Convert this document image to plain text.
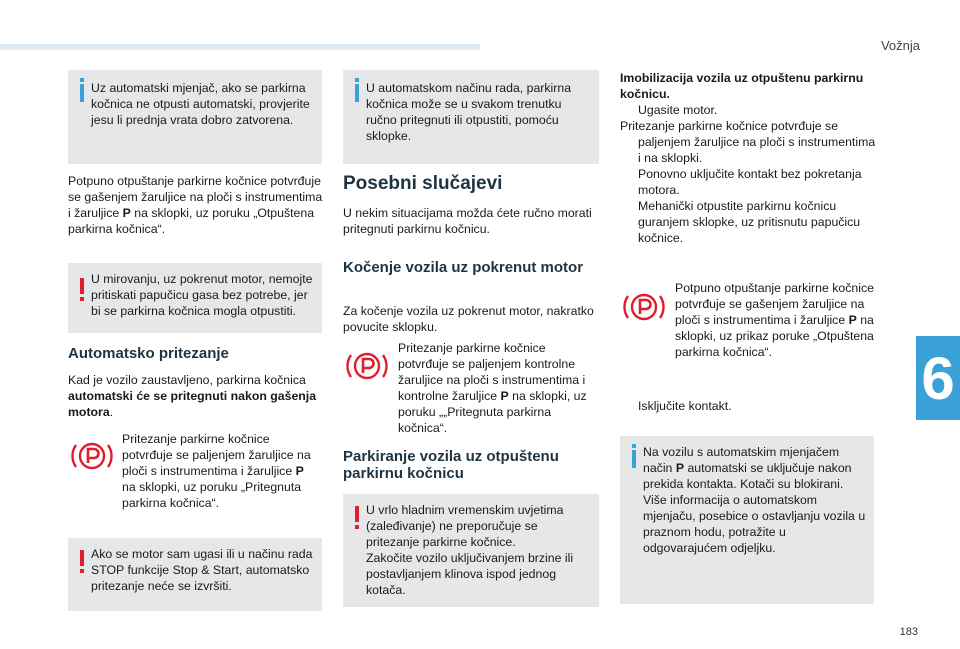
Vožnja
6
183
Uz automatski mjenjač, ako se parkirna kočnica ne otpusti automatski, provjerite jesu li prednja vrata dobro zatvorena.
Potpuno otpuštanje parkirne kočnice potvrđuje se gašenjem žaruljice na ploči s instrumentima i žaruljice P na sklopki, uz poruku „Otpuštena parkirna kočnica“.
U mirovanju, uz pokrenut motor, nemojte pritiskati papučicu gasa bez potrebe, jer bi se parkirna kočnica mogla otpustiti.
Automatsko pritezanje
Kad je vozilo zaustavljeno, parkirna kočnica automatski će se pritegnuti nakon gašenja motora.
Pritezanje parkirne kočnice potvrđuje se paljenjem žaruljice na ploči s instrumentima i žaruljice P na sklopki, uz poruku „Pritegnuta parkirna kočnica“.
Ako se motor sam ugasi ili u načinu rada STOP funkcije Stop & Start, automatsko pritezanje neće se izvršiti.
U automatskom načinu rada, parkirna kočnica može se u svakom trenutku ručno pritegnuti ili otpustiti, pomoću sklopke.
Posebni slučajevi
U nekim situacijama možda ćete ručno morati pritegnuti parkirnu kočnicu.
Kočenje vozila uz pokrenut motor
Za kočenje vozila uz pokrenut motor, nakratko povucite sklopku.
Pritezanje parkirne kočnice potvrđuje se paljenjem kontrolne žaruljice na ploči s instrumentima i kontrolne žaruljice P na sklopki, uz poruku „„Pritegnuta parkirna kočnica“.
Parkiranje vozila uz otpuštenu parkirnu kočnicu
U vrlo hladnim vremenskim uvjetima (zaleđivanje) ne preporučuje se pritezanje parkirne kočnice.
Zakočite vozilo uključivanjem brzine ili postavljanjem klinova ispod jednog kotača.
Imobilizacija vozila uz otpuštenu parkirnu kočnicu.
Ugasite motor.
Pritezanje parkirne kočnice potvrđuje se paljenjem žaruljice na ploči s instrumentima i na sklopki.
Ponovno uključite kontakt bez pokretanja motora.
Mehanički otpustite parkirnu kočnicu guranjem sklopke, uz pritisnutu papučicu kočnice.
Potpuno otpuštanje parkirne kočnice potvrđuje se gašenjem žaruljice na ploči s instrumentima i žaruljice P na sklopki, uz prikaz poruke „Otpuštena parkirna kočnica“.
Isključite kontakt.
Na vozilu s automatskim mjenjačem način P automatski se uključuje nakon prekida kontakta. Kotači su blokirani.
Više informacija o automatskom mjenjaču, posebice o ostavljanju vozila u praznom hodu, potražite u odgovarajućem odjeljku.
